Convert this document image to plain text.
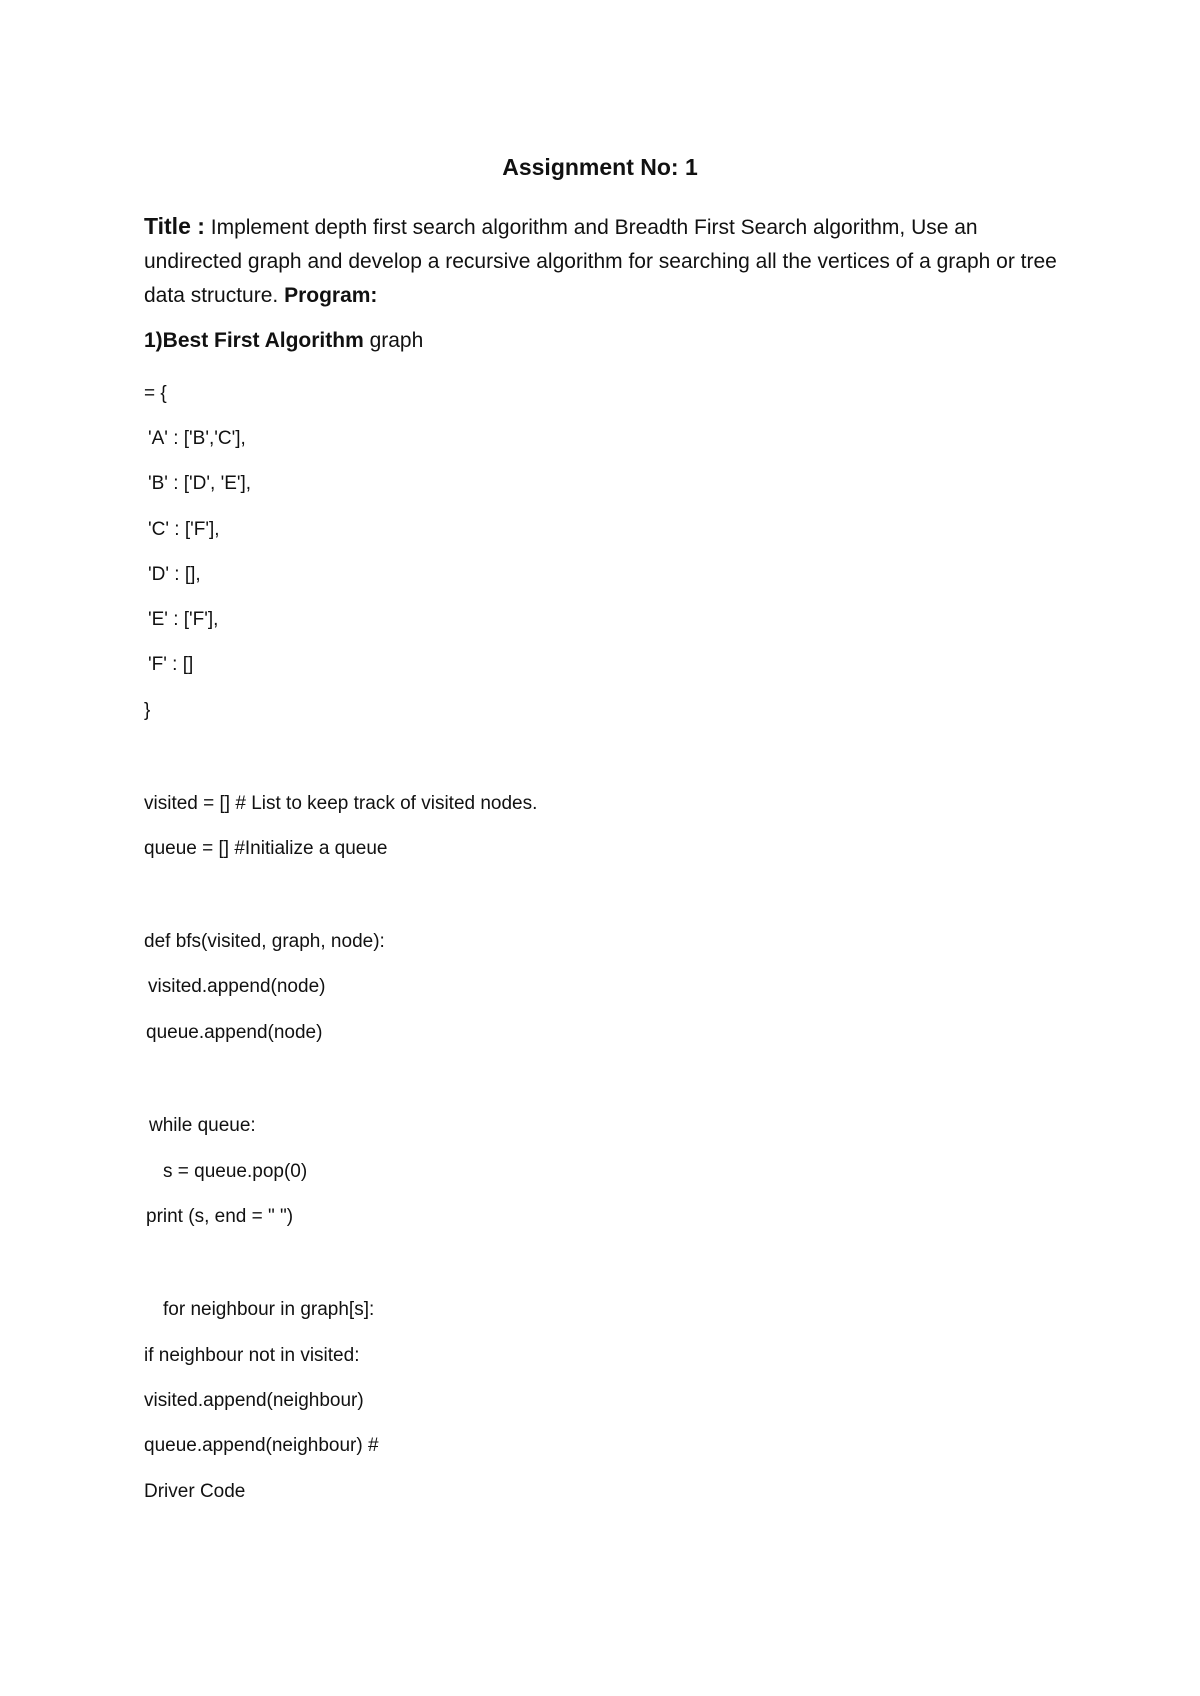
Assignment No: 1
Title : Implement depth first search algorithm and Breadth First Search algorithm, Use an undirected graph and develop a recursive algorithm for searching all the vertices of a graph or tree data structure. Program:
1)Best First Algorithm graph
= {
'A' : ['B','C'],
'B' : ['D', 'E'],
'C' : ['F'],
'D' : [],
'E' : ['F'],
'F' : []
}
visited = [] # List to keep track of visited nodes.
queue = [] #Initialize a queue
def bfs(visited, graph, node):
visited.append(node)
queue.append(node)
while queue:
s = queue.pop(0)
print (s, end = " ")
for neighbour in graph[s]:
if neighbour not in visited:
visited.append(neighbour)
queue.append(neighbour) #
Driver Code
